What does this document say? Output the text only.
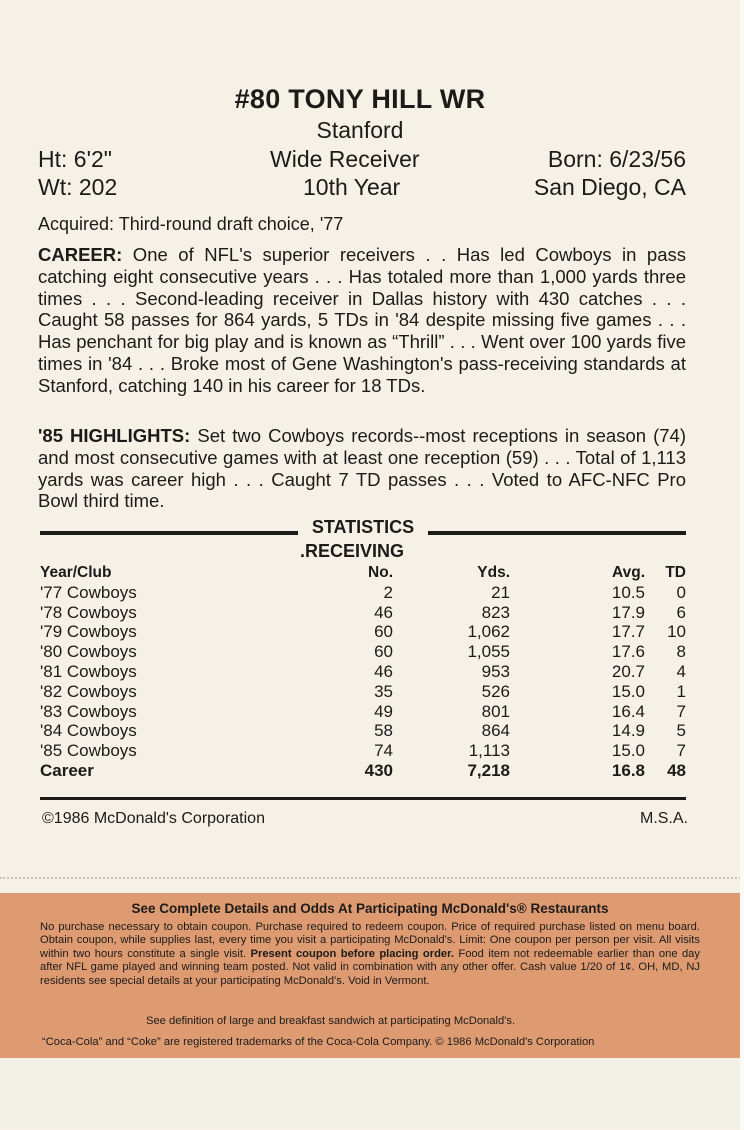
#80 TONY HILL WR
Stanford
Ht: 6'2"	Wide Receiver	Born: 6/23/56
Wt: 202	10th Year	San Diego, CA
Acquired: Third-round draft choice, '77
CAREER: One of NFL's superior receivers . . Has led Cowboys in pass catching eight consecutive years . . . Has totaled more than 1,000 yards three times . . . Second-leading receiver in Dallas history with 430 catches . . . Caught 58 passes for 864 yards, 5 TDs in '84 despite missing five games . . . Has penchant for big play and is known as “Thrill” . . . Went over 100 yards five times in '84 . . . Broke most of Gene Washington's pass-receiving standards at Stanford, catching 140 in his career for 18 TDs.
'85 HIGHLIGHTS: Set two Cowboys records--most receptions in season (74) and most consecutive games with at least one reception (59) . . . Total of 1,113 yards was career high . . . Caught 7 TD passes . . . Voted to AFC-NFC Pro Bowl third time.
STATISTICS
.RECEIVING
Year/Club	No.	Yds.	Avg.	TD
'77 Cowboys	2	21	10.5	0
'78 Cowboys	46	823	17.9	6
'79 Cowboys	60	1,062	17.7	10
'80 Cowboys	60	1,055	17.6	8
'81 Cowboys	46	953	20.7	4
'82 Cowboys	35	526	15.0	1
'83 Cowboys	49	801	16.4	7
'84 Cowboys	58	864	14.9	5
'85 Cowboys	74	1,113	15.0	7
Career	430	7,218	16.8	48
©1986 McDonald's Corporation	M.S.A.
See Complete Details and Odds At Participating McDonald's® Restaurants
No purchase necessary to obtain coupon. Purchase required to redeem coupon. Price of required purchase listed on menu board. Obtain coupon, while supplies last, every time you visit a participating McDonald's. Limit: One coupon per person per visit. All visits within two hours constitute a single visit. Present coupon before placing order. Food item not redeemable earlier than one day after NFL game played and winning team posted. Not valid in combination with any other offer. Cash value 1/20 of 1¢. OH, MD, NJ residents see special details at your participating McDonald's. Void in Vermont.
See definition of large and breakfast sandwich at participating McDonald's.
“Coca-Cola” and “Coke” are registered trademarks of the Coca-Cola Company. © 1986 McDonald's Corporation
